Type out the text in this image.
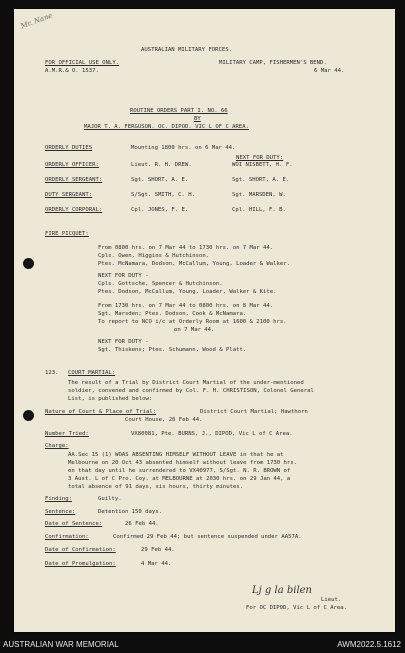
Mr. Nane
AUSTRALIAN MILITARY FORCES.
FOR OFFICIAL USE ONLY.
A.M.R.& O. 1537.
MILITARY CAMP, FISHERMEN'S BEND.
6 Mar 44.
ROUTINE ORDERS PART I. NO. 66
BY
MAJOR T. A. FERGUSON. OC. DIPOD. VIC L OF C AREA.
ORDERLY DUTIES	Mounting 1800 hrs. on 6 Mar 44.
NEXT FOR DUTY:
ORDERLY OFFICER:	Lieut. R. H. DREW.	WOI NISBETT, H. F.
ORDERLY SERGEANT:	Sgt. SHORT, A. E.	Sgt. SHORT, A. E.
DUTY SERGEANT:	S/Sgt. SMITH, C. H.	Sgt. MARSDEN, W.
ORDERLY CORPORAL:	Cpl. JONES, F. E.	Cpl. HILL, F. B.
FIRE PICQUET:
From 0800 hrs. on 7 Mar 44 to 1730 hrs. on 7 Mar 44.
Cpls. Owen, Higgins & Hutchinson.
Ptes. McNamara, Dodson, McCallum, Young, Loader & Walker.
NEXT FOR DUTY -
Cpls. Gottsche, Spencer & Hutchinson.
Ptes. Dodson, McCallum, Young, Loader, Walker & Kite.
From 1730 hrs. on 7 Mar 44 to 0800 hrs. on 8 Mar 44.
Sgt. Marsden; Ptes. Dodson, Cook & McNamara.
To report to NCO i/c at Orderly Room at 1600 & 2100 hrs.
on 7 Mar 44.
NEXT FOR DUTY -
Sgt. Thiskens; Ptes. Schumann, Wood & Platt.
123. COURT MARTIAL:
The result of a Trial by District Court Martial of the under-mentioned
soldier, convened and confirmed by Col. F. H. CHRISTISON, Colonel General
List, is published below:
Nature of Court & Place of Trial:	District Court Martial; Hawthorn
Court House, 26 Feb 44.
Number Tried:	VX80081, Pte. BURNS, J., DIPOD, Vic L of C Area.
Charge:
AA.Sec 15 (1) WOAS ABSENTING HIMSELF WITHOUT LEAVE in that he at
Melbourne on 20 Oct 43 absented himself without leave from 1730 hrs.
on that day until he surrendered to VX40977, S/Sgt. N. R. BROWN of
3 Aust. L of C Pro. Coy. at MELBOURNE at 2030 hrs. on 29 Jan 44, a
total absence of 91 days, six hours, thirty minutes.
Finding:	Guilty.
Sentence:	Detention 150 days.
Date of Sentence:	26 Feb 44.
Confirmation:	Confirmed 29 Feb 44; but sentence suspended under AA57A.
Date of Confirmation:	29 Feb 44.
Date of Promulgation:	4 Mar 44.
Lj g la bilen
Lieut.
For OC DIPOD, Vic L of C Area.
AUSTRALIAN WAR MEMORIAL	AWM2022.5.1612
